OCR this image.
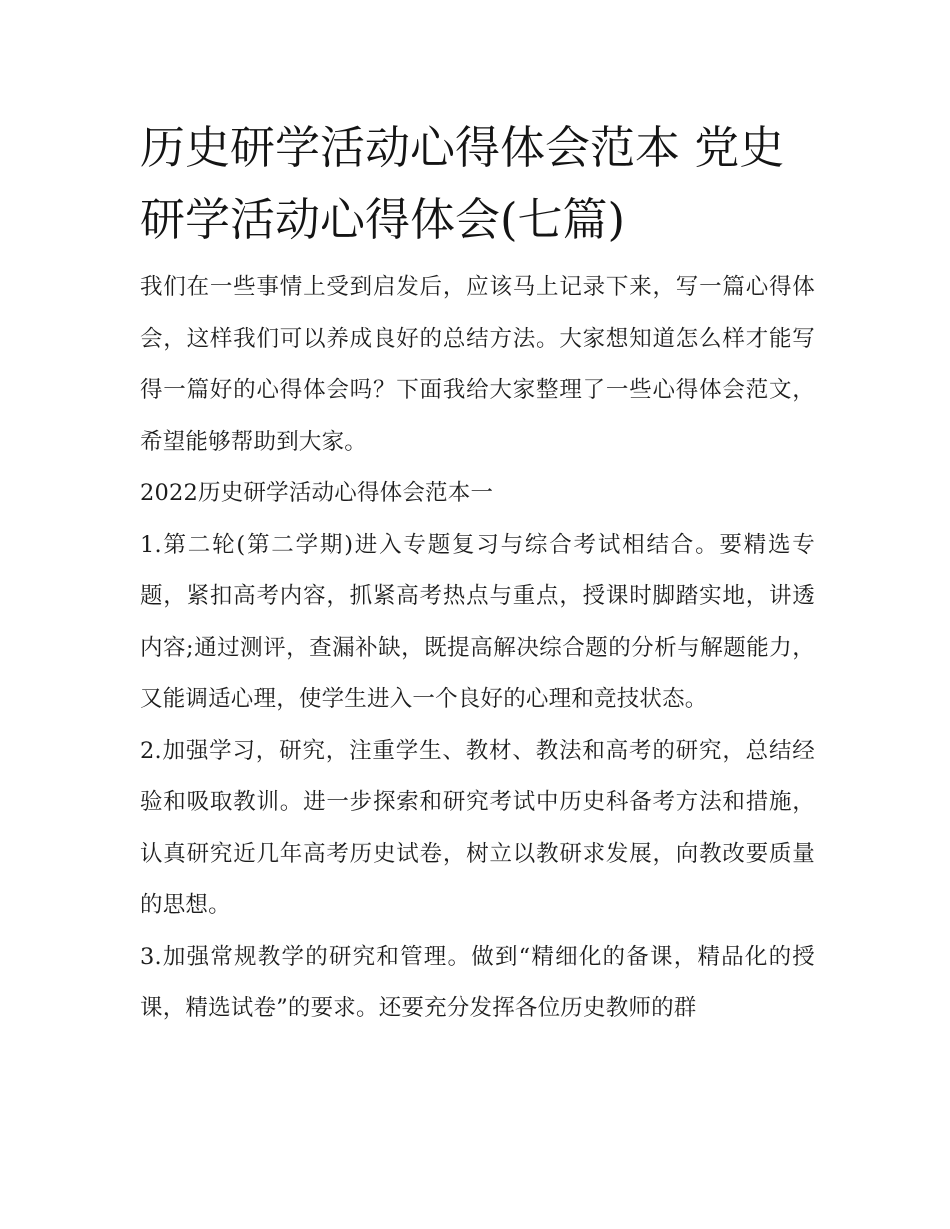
历史研学活动心得体会范本 党史研学活动心得体会(七篇)

我们在一些事情上受到启发后，应该马上记录下来，写一篇心得体会，这样我们可以养成良好的总结方法。大家想知道怎么样才能写得一篇好的心得体会吗？下面我给大家整理了一些心得体会范文，希望能够帮助到大家。

2022历史研学活动心得体会范本一

1.第二轮(第二学期)进入专题复习与综合考试相结合。要精选专题，紧扣高考内容，抓紧高考热点与重点，授课时脚踏实地，讲透内容;通过测评，查漏补缺，既提高解决综合题的分析与解题能力，又能调适心理，使学生进入一个良好的心理和竞技状态。

2.加强学习，研究，注重学生、教材、教法和高考的研究，总结经验和吸取教训。进一步探索和研究考试中历史科备考方法和措施，认真研究近几年高考历史试卷，树立以教研求发展，向教改要质量的思想。

3.加强常规教学的研究和管理。做到“精细化的备课，精品化的授课，精选试卷”的要求。还要充分发挥各位历史教师的群
